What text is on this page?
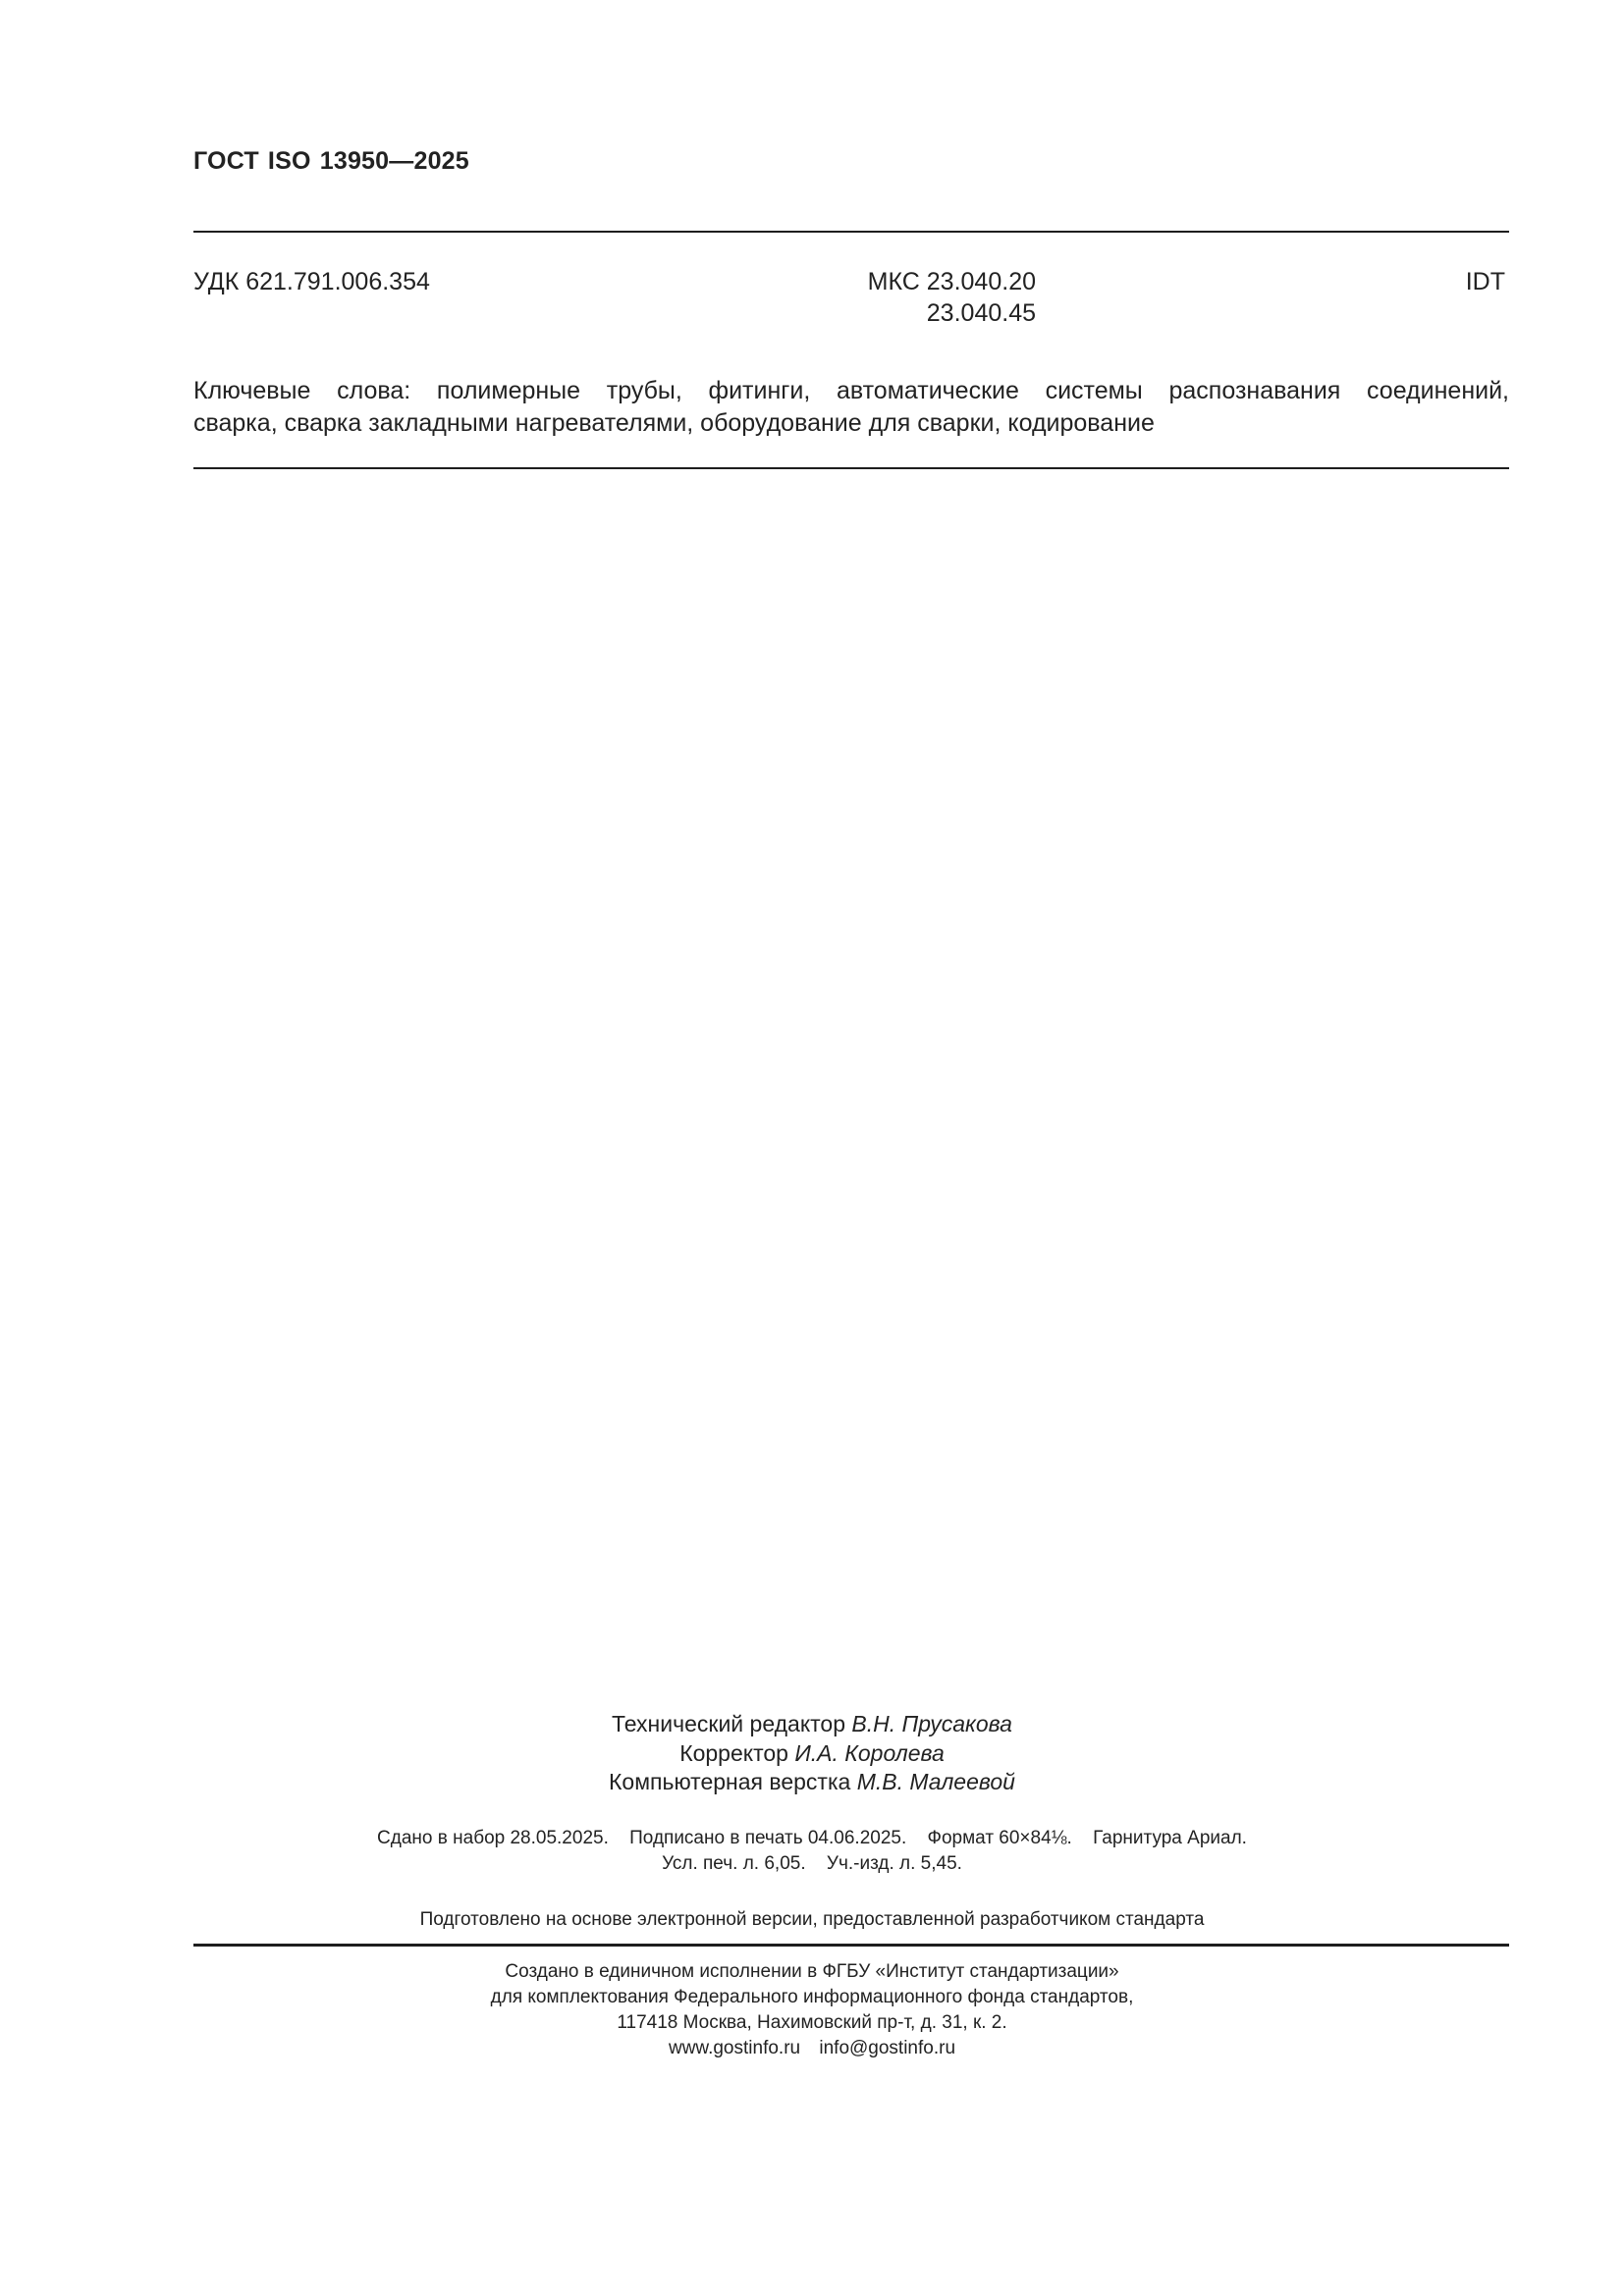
ГОСТ ISO 13950—2025
УДК 621.791.006.354	МКС 23.040.20
23.040.45
IDT
Ключевые слова: полимерные трубы, фитинги, автоматические системы распознавания соединений,
сварка, сварка закладными нагревателями, оборудование для сварки, кодирование
Технический редактор В.Н. Прусакова
Корректор И.А. Королева
Компьютерная верстка М.В. Малеевой
Сдано в набор 28.05.2025. Подписано в печать 04.06.2025. Формат 60×84⅛. Гарнитура Ариал.
Усл. печ. л. 6,05. Уч.-изд. л. 5,45.
Подготовлено на основе электронной версии, предоставленной разработчиком стандарта
Создано в единичном исполнении в ФГБУ «Институт стандартизации»
для комплектования Федерального информационного фонда стандартов,
117418 Москва, Нахимовский пр-т, д. 31, к. 2.
www.gostinfo.ru info@gostinfo.ru
